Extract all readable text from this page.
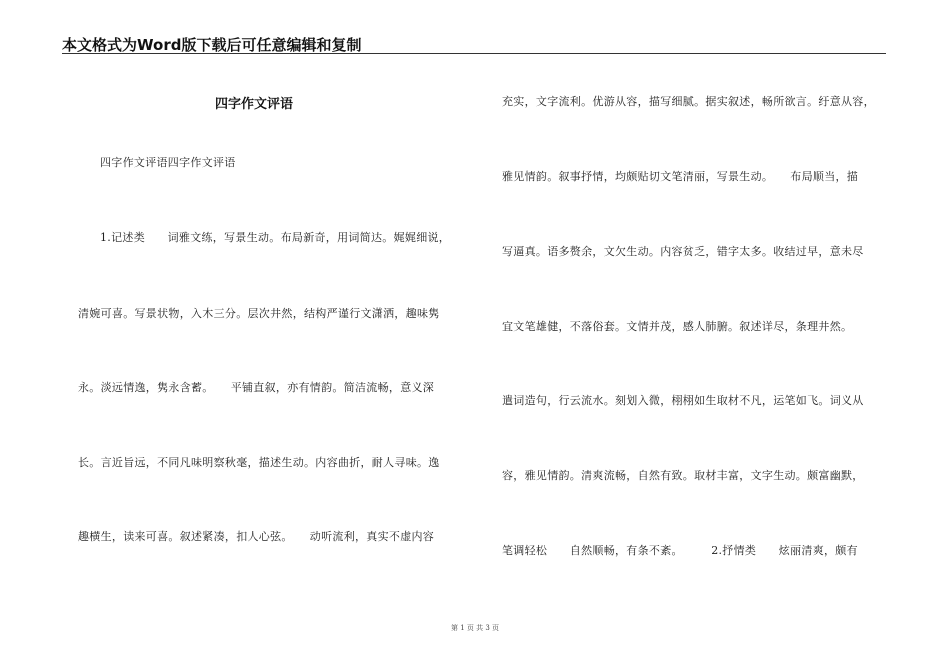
本文格式为Word版下载后可任意编辑和复制
四字作文评语
四字作文评语四字作文评语
1.记述类　　词雅文练，写景生动。布局新奇，用词简达。娓娓细说，
清婉可喜。写景状物，入木三分。层次井然，结构严谨行文潇洒，趣味隽
永。淡远情逸，隽永含蓄。　　平铺直叙，亦有情韵。简洁流畅，意义深
长。言近旨远，不同凡味明察秋毫，描述生动。内容曲折，耐人寻味。逸
趣横生，读来可喜。叙述紧凑，扣人心弦。　　动听流利，真实不虚内容
充实，文字流利。优游从容，描写细腻。据实叙述，畅所欲言。纡意从容，
雅见情韵。叙事抒情，均颇贴切文笔清丽，写景生动。　　布局顺当，描
写逼真。语多赘余，文欠生动。内容贫乏，错字太多。收结过早，意未尽
宜文笔雄健，不落俗套。文情并茂，感人肺腑。叙述详尽，条理井然。
遣词造句，行云流水。刻划入微，栩栩如生取材不凡，运笔如飞。词义从
容，雅见情韵。清爽流畅，自然有致。取材丰富，文字生动。颇富幽默，
笔调轻松　　自然顺畅，有条不紊。　　　2.抒情类　　炫丽清爽，颇有
第 1 页 共 3 页
